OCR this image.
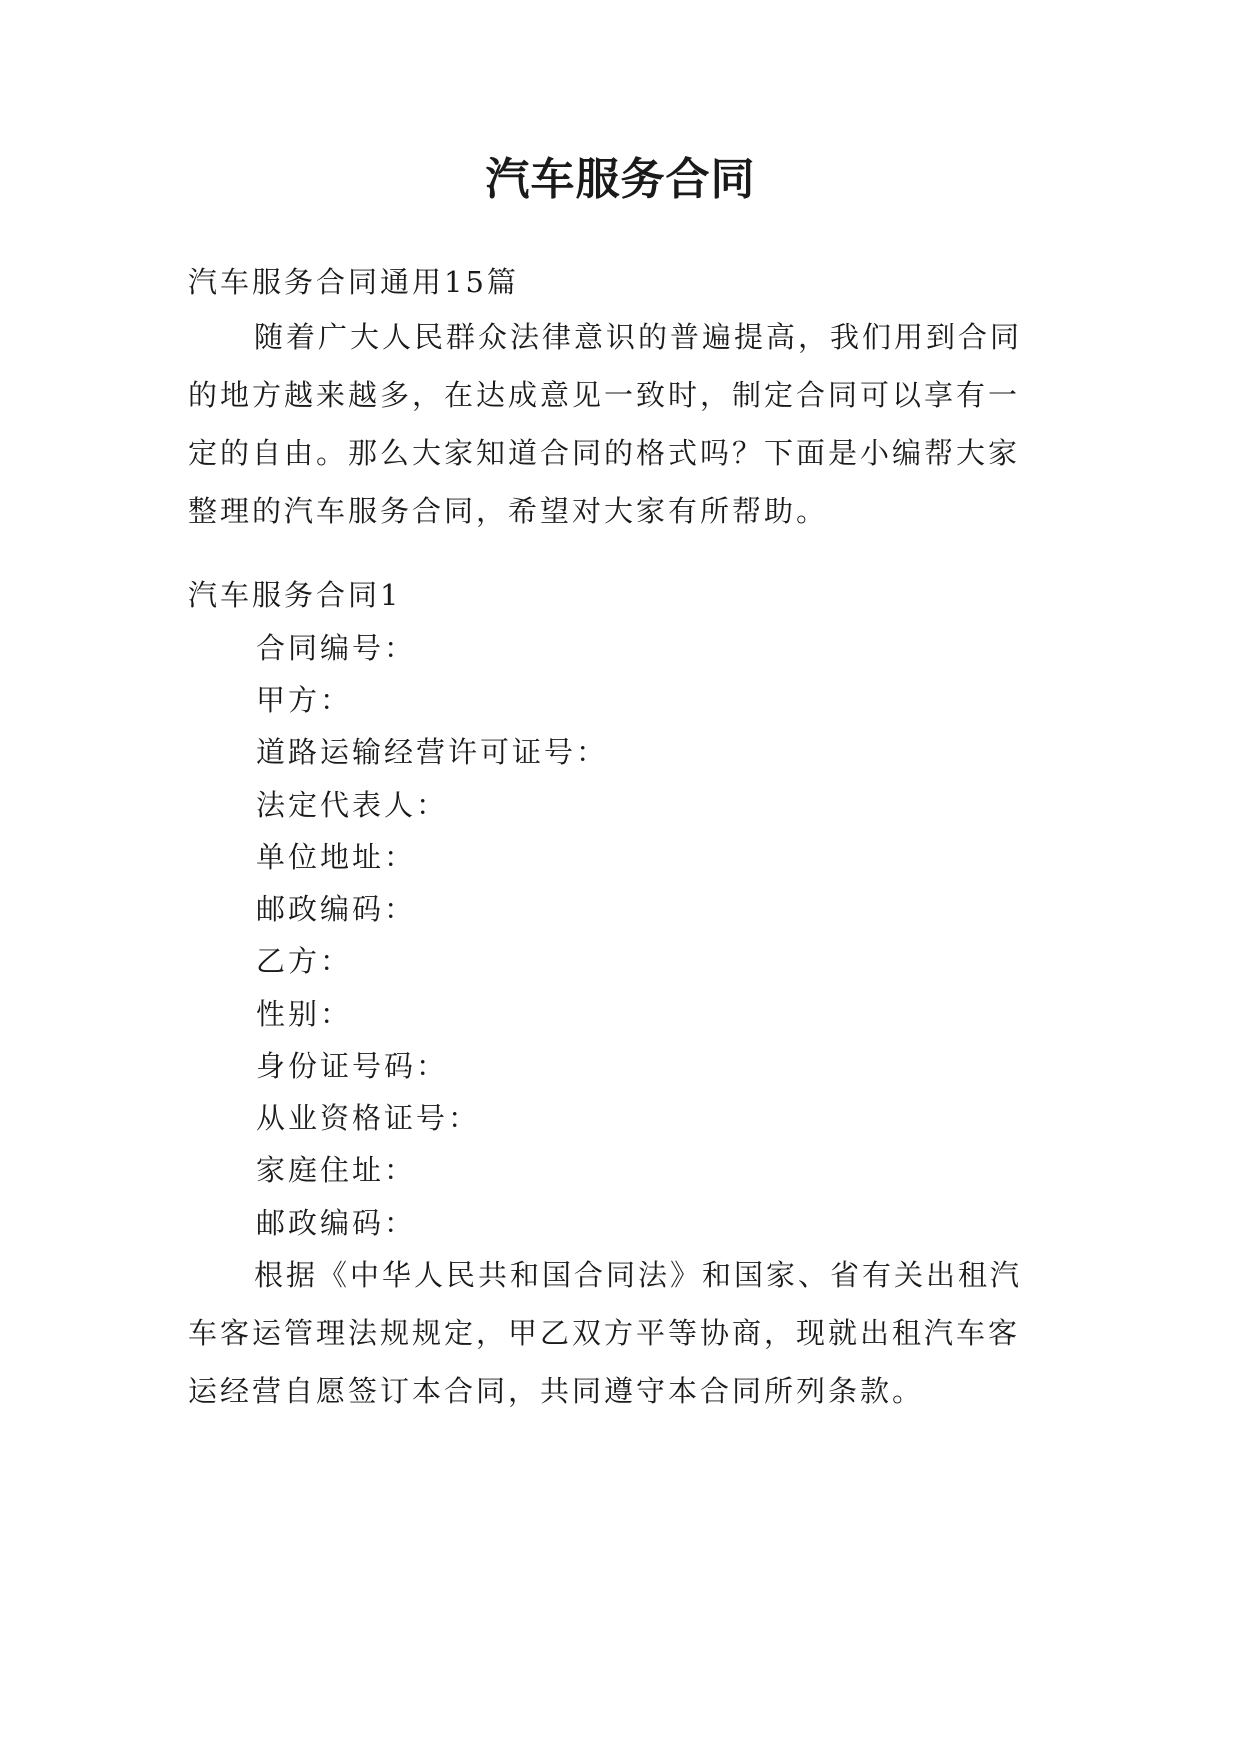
汽车服务合同

汽车服务合同通用15篇

随着广大人民群众法律意识的普遍提高，我们用到合同的地方越来越多，在达成意见一致时，制定合同可以享有一定的自由。那么大家知道合同的格式吗？下面是小编帮大家整理的汽车服务合同，希望对大家有所帮助。

汽车服务合同1

合同编号：

甲方：

道路运输经营许可证号：

法定代表人：

单位地址：

邮政编码：

乙方：

性别：

身份证号码：

从业资格证号：

家庭住址：

邮政编码：

根据《中华人民共和国合同法》和国家、省有关出租汽车客运管理法规规定，甲乙双方平等协商，现就出租汽车客运经营自愿签订本合同，共同遵守本合同所列条款。
